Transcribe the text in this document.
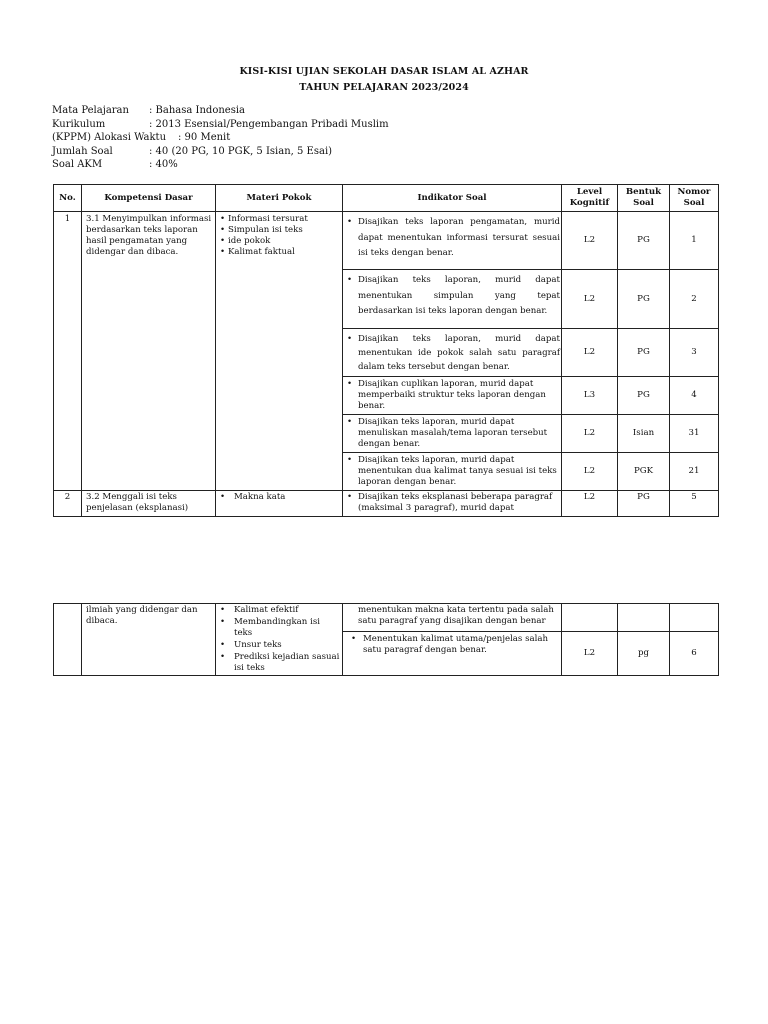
KISI-KISI UJIAN SEKOLAH DASAR ISLAM AL AZHAR
TAHUN PELAJARAN 2023/2024
Mata Pelajaran : Bahasa Indonesia
Kurikulum	: 2013 Esensial/Pengembangan Pribadi Muslim
(KPPM) Alokasi Waktu : 90 Menit
Jumlah Soal	: 40 (20 PG, 10 PGK, 5 Isian, 5 Esai)
Soal AKM	: 40%
No.	Kompetensi Dasar	Materi Pokok	Indikator Soal	Level Kognitif	Bentuk Soal	Nomor Soal
1	3.1 Menyimpulkan informasi berdasarkan teks laporan hasil pengamatan yang didengar dan dibaca.	• Informasi tersurat
• Simpulan isi teks
• ide pokok
• Kalimat faktual	• Disajikan teks laporan pengamatan, murid dapat menentukan informasi tersurat sesuai isi teks dengan benar.	L2	PG	1

			• Disajikan teks laporan, murid dapat menentukan simpulan yang tepat berdasarkan isi teks laporan dengan benar.	L2	PG	2

			• Disajikan teks laporan, murid dapat menentukan ide pokok salah satu paragraf dalam teks tersebut dengan benar.	L2	PG	3

			• Disajikan cuplikan laporan, murid dapat memperbaiki struktur teks laporan dengan benar.	L3	PG	4

			• Disajikan teks laporan, murid dapat menuliskan masalah/tema laporan tersebut dengan benar.	L2	Isian	31

			• Disajikan teks laporan, murid dapat menentukan dua kalimat tanya sesuai isi teks laporan dengan benar.	L2	PGK	21
2	3.2 Menggali isi teks penjelasan (eksplanasi)	• Makna kata	• Disajikan teks eksplanasi beberapa paragraf (maksimal 3 paragraf), murid dapat	L2	PG	5
	ilmiah yang didengar dan dibaca.	• Kalimat efektif
• Membandingkan isi teks
• Unsur teks
• Prediksi kejadian sasuai isi teks	menentukan makna kata tertentu pada salah satu paragraf yang disajikan dengan benar			

			• Menentukan kalimat utama/penjelas salah satu paragraf dengan benar.	L2	pg	6
